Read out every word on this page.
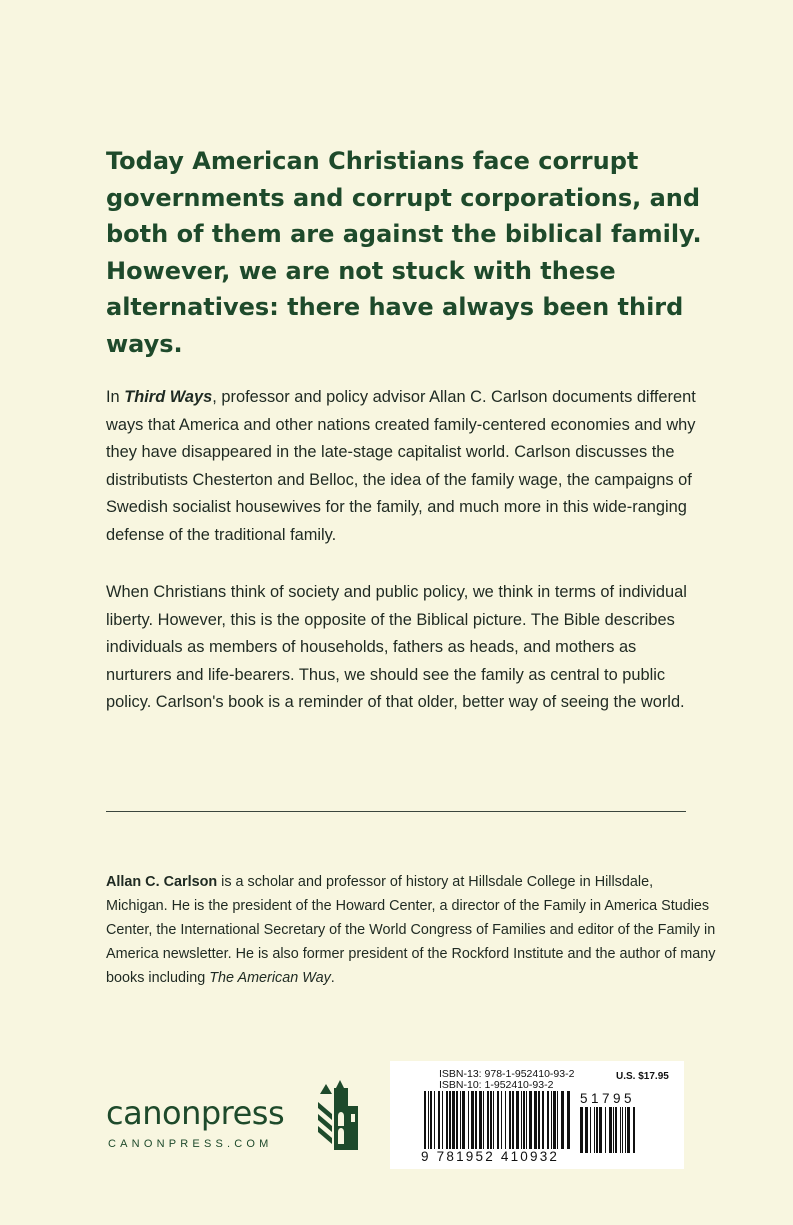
Today American Christians face corrupt governments and corrupt corporations, and both of them are against the biblical family. However, we are not stuck with these alternatives: there have always been third ways.

In Third Ways, professor and policy advisor Allan C. Carlson documents different ways that America and other nations created family-centered economies and why they have disappeared in the late-stage capitalist world. Carlson discusses the distributists Chesterton and Belloc, the idea of the family wage, the campaigns of Swedish socialist housewives for the family, and much more in this wide-ranging defense of the traditional family.

When Christians think of society and public policy, we think in terms of individual liberty. However, this is the opposite of the Biblical picture. The Bible describes individuals as members of households, fathers as heads, and mothers as nurturers and life-bearers. Thus, we should see the family as central to public policy. Carlson's book is a reminder of that older, better way of seeing the world.

Allan C. Carlson is a scholar and professor of history at Hillsdale College in Hillsdale, Michigan. He is the president of the Howard Center, a director of the Family in America Studies Center, the International Secretary of the World Congress of Families and editor of the Family in America newsletter. He is also former president of the Rockford Institute and the author of many books including The American Way.

canonpress
CANONPRESS.COM
ISBN-13: 978-1-952410-93-2
ISBN-10: 1-952410-93-2
U.S. $17.95
9 781952 410932
51795
